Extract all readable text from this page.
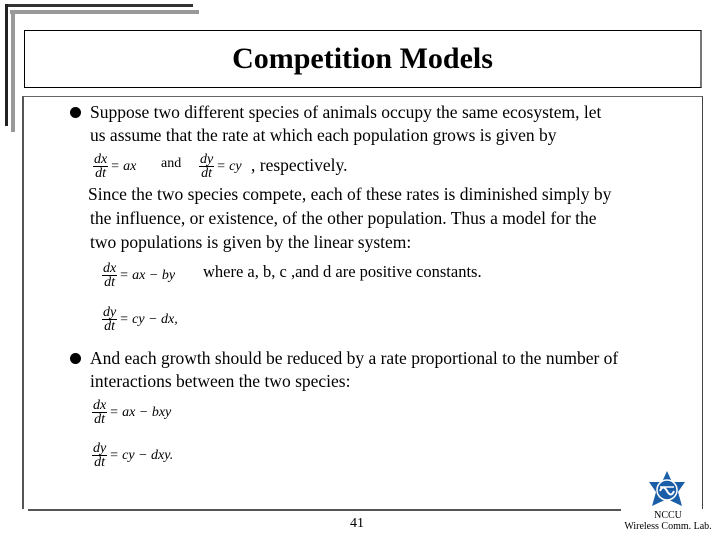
Competition Models
Suppose two different species of animals occupy the same ecosystem, let
us assume that the rate at which each population grows is given by
$\frac{dx}{dt}$ = ax and $\frac{dy}{dt}$ = cy , respectively.
Since the two species compete, each of these rates is diminished simply by
the influence, or existence, of the other population. Thus a model for the
two populations is given by the linear system:
$\frac{dx}{dt}$ = ax − by where a, b, c ,and d are positive constants.
$\frac{dy}{dt}$ = cy − dx,
And each growth should be reduced by a rate proportional to the number of
interactions between the two species:
$\frac{dx}{dt}$ = ax − bxy
$\frac{dy}{dt}$ = cy − dxy.
41
NCCU
Wireless Comm. Lab.
